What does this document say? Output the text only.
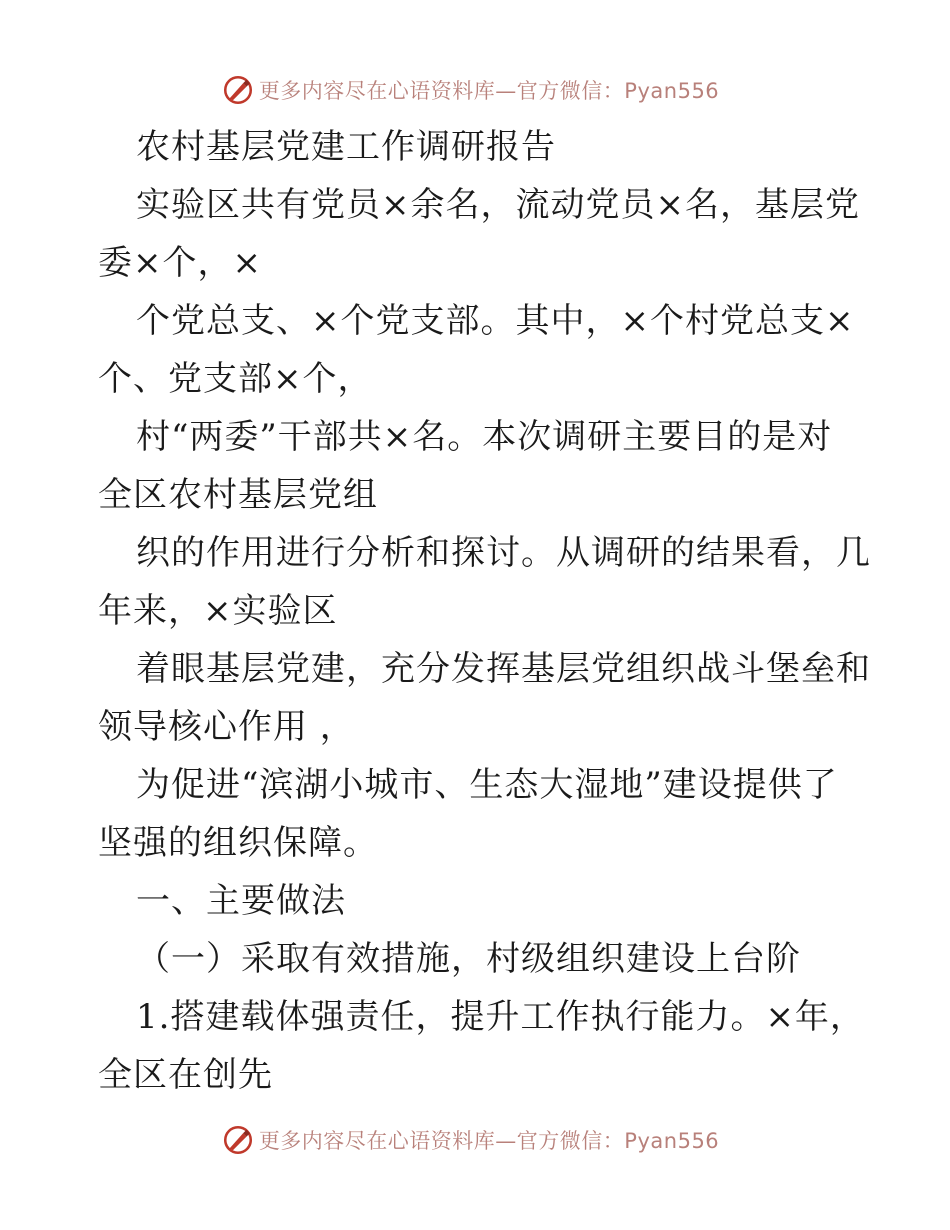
更多内容尽在心语资料库—官方微信：Pyan556
农村基层党建工作调研报告
实验区共有党员×余名，流动党员×名，基层党
委×个，×
个党总支、×个党支部。其中，×个村党总支×
个、党支部×个，
村“两委”干部共×名。本次调研主要目的是对
全区农村基层党组
织的作用进行分析和探讨。从调研的结果看，几
年来，×实验区
着眼基层党建，充分发挥基层党组织战斗堡垒和
领导核心作用 ，
为促进“滨湖小城市、生态大湿地”建设提供了
坚强的组织保障。
一、主要做法
（一）采取有效措施，村级组织建设上台阶
1.搭建载体强责任，提升工作执行能力。×年，
全区在创先
更多内容尽在心语资料库—官方微信：Pyan556
